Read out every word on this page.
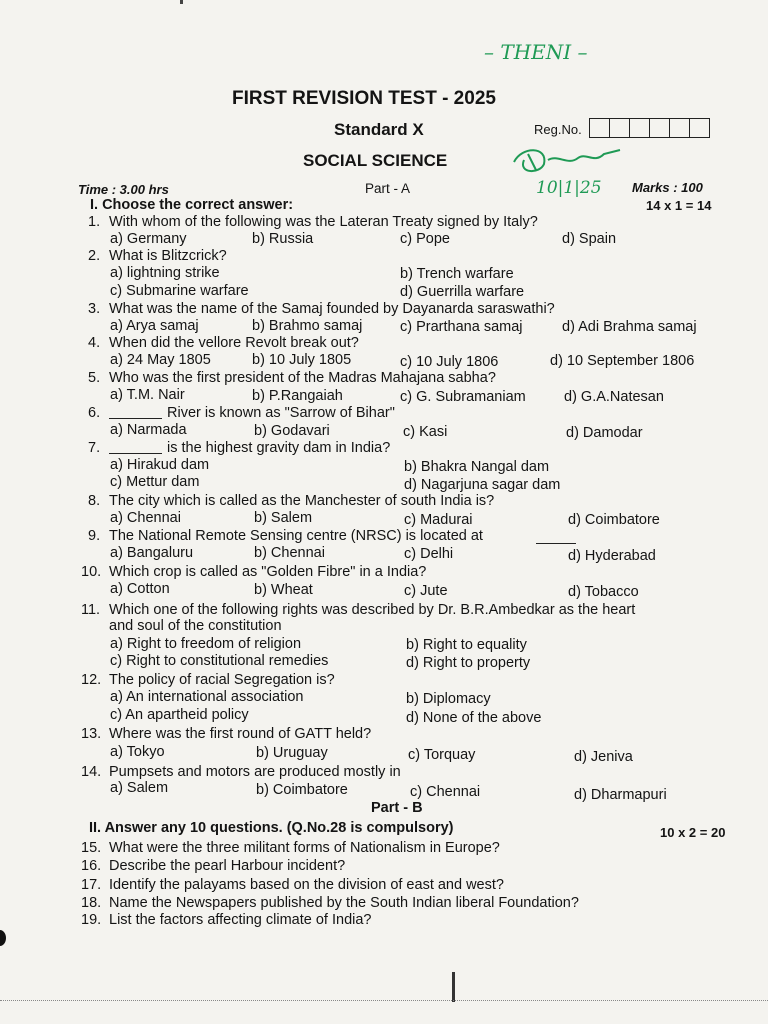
– THENI –
10|1|25
FIRST REVISION TEST - 2025
Standard X	Reg.No.
SOCIAL SCIENCE
Time : 3.00 hrs	Part - A	Marks : 100
I. Choose the correct answer:	14 x 1 = 14
1. With whom of the following was the Lateran Treaty signed by Italy?
a) Germany	b) Russia	c) Pope	d) Spain
2. What is Blitzcrick?
a) lightning strike	b) Trench warfare
c) Submarine warfare	d) Guerrilla warfare
3. What was the name of the Samaj founded by Dayanarda saraswathi?
a) Arya samaj	b) Brahmo samaj	c) Prarthana samaj	d) Adi Brahma samaj
4. When did the vellore Revolt break out?
a) 24 May 1805	b) 10 July 1805	c) 10 July 1806	d) 10 September 1806
5. Who was the first president of the Madras Mahajana sabha?
a) T.M. Nair	b) P.Rangaiah	c) G. Subramaniam	d) G.A.Natesan
6.	River is known as "Sarrow of Bihar"
a) Narmada	b) Godavari	c) Kasi	d) Damodar
7.	is the highest gravity dam in India?
a) Hirakud dam	b) Bhakra Nangal dam
c) Mettur dam	d) Nagarjuna sagar dam
8. The city which is called as the Manchester of south India is?
a) Chennai	b) Salem	c) Madurai	d) Coimbatore
9. The National Remote Sensing centre (NRSC) is located at
a) Bangaluru	b) Chennai	c) Delhi	d) Hyderabad
10. Which crop is called as "Golden Fibre" in a India?
a) Cotton	b) Wheat	c) Jute	d) Tobacco
11. Which one of the following rights was described by Dr. B.R.Ambedkar as the heart
and soul of the constitution
a) Right to freedom of religion	b) Right to equality
c) Right to constitutional remedies	d) Right to property
12. The policy of racial Segregation is?
a) An international association	b) Diplomacy
c) An apartheid policy	d) None of the above
13. Where was the first round of GATT held?
a) Tokyo	b) Uruguay	c) Torquay	d) Jeniva
14. Pumpsets and motors are produced mostly in
a) Salem	b) Coimbatore	c) Chennai	d) Dharmapuri
Part - B
II. Answer any 10 questions. (Q.No.28 is compulsory)	10 x 2 = 20
15. What were the three militant forms of Nationalism in Europe?
16. Describe the pearl Harbour incident?
17. Identify the palayams based on the division of east and west?
18. Name the Newspapers published by the South Indian liberal Foundation?
19. List the factors affecting climate of India?
